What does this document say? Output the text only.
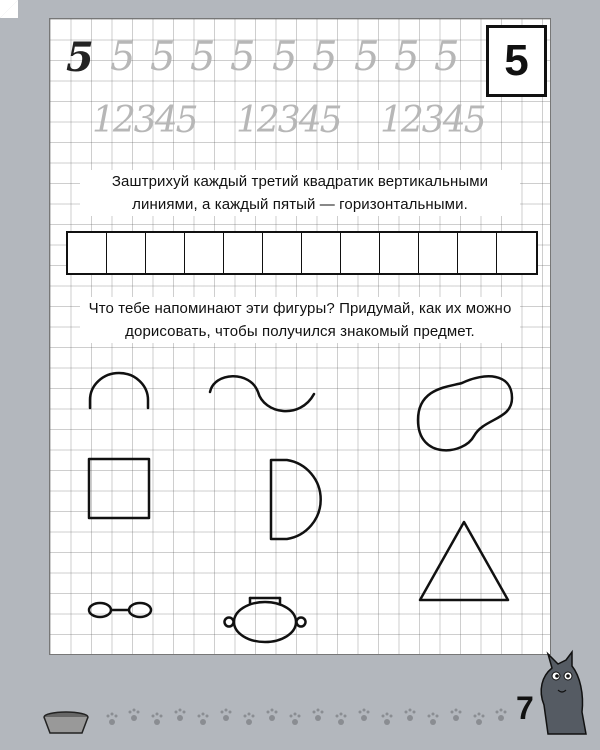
5 5 5 5 5 5 5 5 5 5
12345 12345 12345
5
Заштрихуй каждый третий квадратик вертикальными линиями, а каждый пятый — горизонтальными.
Что тебе напоминают эти фигуры? Придумай, как их можно дорисовать, чтобы получился знакомый предмет.
7
